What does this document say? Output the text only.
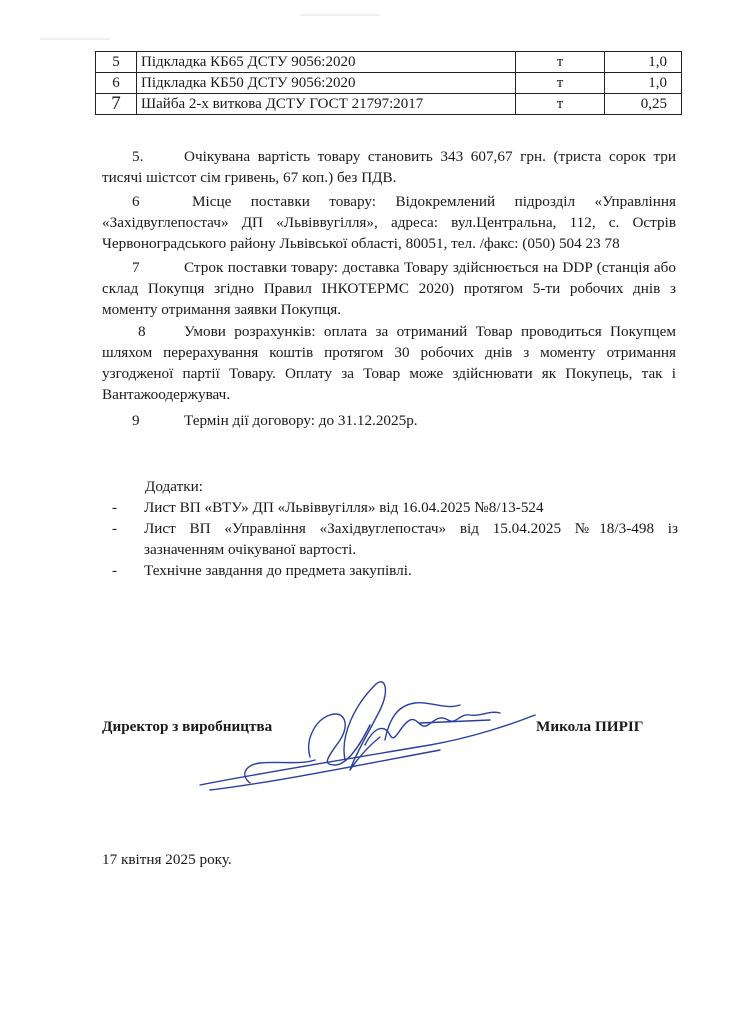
5	Підкладка КБ65 ДСТУ 9056:2020	т	1,0
6	Підкладка КБ50 ДСТУ 9056:2020	т	1,0
7	Шайба 2-х виткова ДСТУ ГОСТ 21797:2017	т	0,25

5.	Очікувана вартість товару становить 343 607,67 грн. (триста сорок три тисячі шістсот сім гривень, 67 коп.) без ПДВ.

6	Місце поставки товару: Відокремлений підрозділ «Управління «Західвуглепостач» ДП «Львіввугілля», адреса: вул.Центральна, 112, с. Острів Червоноградського району Львівської області, 80051, тел. /факс: (050) 504 23 78

7	Строк поставки товару: доставка Товару здійснюється на DDP (станція або склад Покупця згідно Правил ІНКОТЕРМС 2020) протягом 5-ти робочих днів з моменту отримання заявки Покупця.

8	Умови розрахунків: оплата за отриманий Товар проводиться Покупцем шляхом перерахування коштів протягом 30 робочих днів з моменту отримання узгодженої партії Товару. Оплату за Товар може здійснювати як Покупець, так і Вантажоодержувач.

9	Термін дії договору: до 31.12.2025р.

Додатки:
- Лист ВП «ВТУ» ДП «Львіввугілля» від 16.04.2025 №8/13-524
- Лист ВП «Управління «Західвуглепостач» від 15.04.2025 №18/3-498 із зазначенням очікуваної вартості.
- Технічне завдання до предмета закупівлі.
Директор з виробництва	Микола ПИРІГ
17 квітня 2025 року.
